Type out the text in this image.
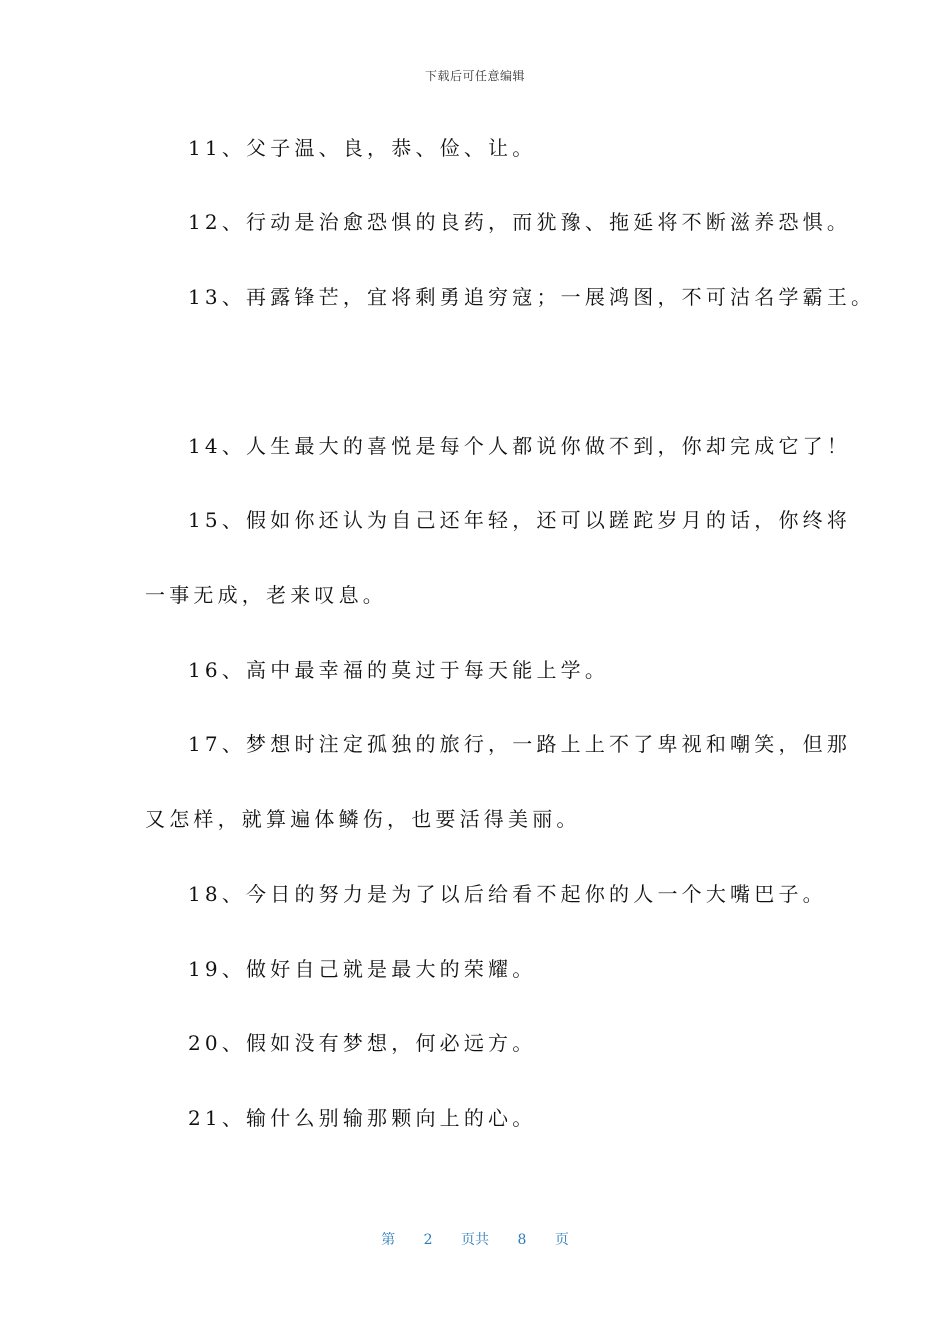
下载后可任意编辑
11、父子温、良，恭、俭、让。
12、行动是治愈恐惧的良药，而犹豫、拖延将不断滋养恐惧。
13、再露锋芒，宜将剩勇追穷寇；一展鸿图，不可沽名学霸王。
14、人生最大的喜悦是每个人都说你做不到，你却完成它了！
15、假如你还认为自己还年轻，还可以蹉跎岁月的话，你终将
一事无成，老来叹息。
16、高中最幸福的莫过于每天能上学。
17、梦想时注定孤独的旅行，一路上上不了卑视和嘲笑，但那
又怎样，就算遍体鳞伤，也要活得美丽。
18、今日的努力是为了以后给看不起你的人一个大嘴巴子。
19、做好自己就是最大的荣耀。
20、假如没有梦想，何必远方。
21、输什么别输那颗向上的心。
第 2 页共 8 页
